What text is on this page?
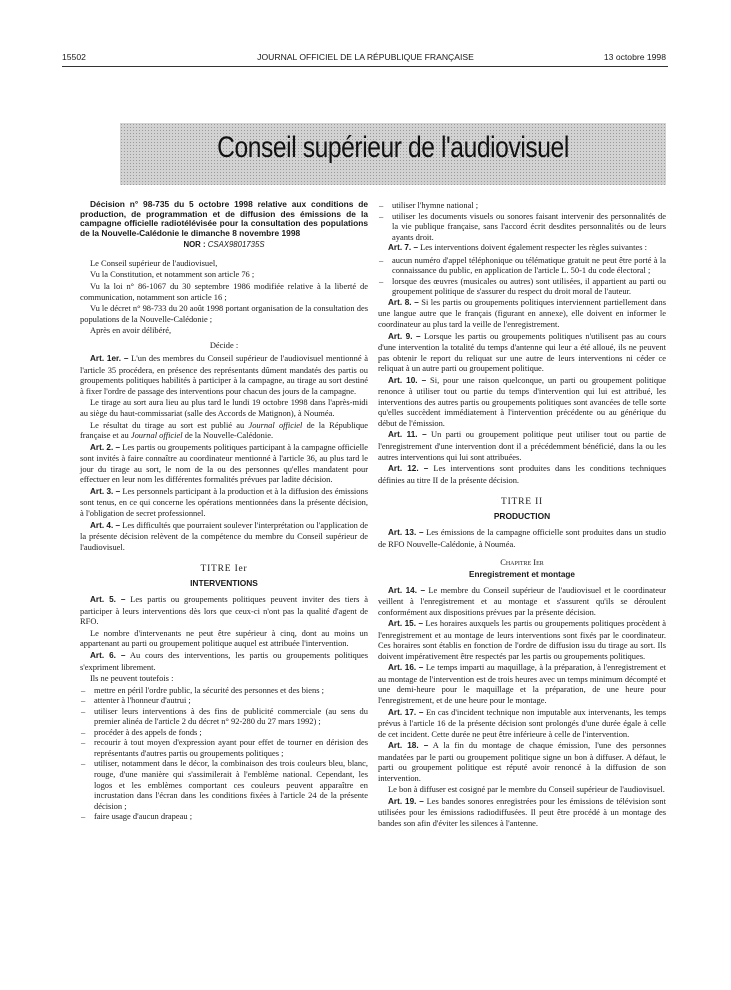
15502	JOURNAL OFFICIEL DE LA RÉPUBLIQUE FRANÇAISE	13 octobre 1998
Conseil supérieur de l'audiovisuel

Décision n° 98-735 du 5 octobre 1998 relative aux conditions de production, de programmation et de diffusion des émissions de la campagne officielle radiotélévisée pour la consultation des populations de la Nouvelle-Calédonie le dimanche 8 novembre 1998

NOR : CSAX9801735S

Le Conseil supérieur de l'audiovisuel,

Vu la Constitution, et notamment son article 76 ;

Vu la loi n° 86-1067 du 30 septembre 1986 modifiée relative à la liberté de communication, notamment son article 16 ;

Vu le décret n° 98-733 du 20 août 1998 portant organisation de la consultation des populations de la Nouvelle-Calédonie ;

Après en avoir délibéré,

Décide :

Art. 1er. – L'un des membres du Conseil supérieur de l'audiovisuel mentionné à l'article 35 procédera, en présence des représentants dûment mandatés des partis ou groupements politiques habilités à participer à la campagne, au tirage au sort destiné à fixer l'ordre de passage des interventions pour chacun des jours de la campagne.

Le tirage au sort aura lieu au plus tard le lundi 19 octobre 1998 dans l'après-midi au siège du haut-commissariat (salle des Accords de Matignon), à Nouméa.

Le résultat du tirage au sort est publié au Journal officiel de la République française et au Journal officiel de la Nouvelle-Calédonie.

Art. 2. – Les partis ou groupements politiques participant à la campagne officielle sont invités à faire connaître au coordinateur mentionné à l'article 36, au plus tard le jour du tirage au sort, le nom de la ou des personnes qu'elles mandatent pour effectuer en leur nom les différentes formalités prévues par ladite décision.

Art. 3. – Les personnels participant à la production et à la diffusion des émissions sont tenus, en ce qui concerne les opérations mentionnées dans la présente décision, à l'obligation de secret professionnel.

Art. 4. – Les difficultés que pourraient soulever l'interprétation ou l'application de la présente décision relèvent de la compétence du membre du Conseil supérieur de l'audiovisuel.

TITRE Ier
INTERVENTIONS

Art. 5. – Les partis ou groupements politiques peuvent inviter des tiers à participer à leurs interventions dès lors que ceux-ci n'ont pas la qualité d'agent de RFO.

Le nombre d'intervenants ne peut être supérieur à cinq, dont au moins un appartenant au parti ou groupement politique auquel est attribuée l'intervention.

Art. 6. – Au cours des interventions, les partis ou groupements politiques s'expriment librement.

Ils ne peuvent toutefois :

– mettre en péril l'ordre public, la sécurité des personnes et des biens ;
– attenter à l'honneur d'autrui ;
– utiliser leurs interventions à des fins de publicité commerciale (au sens du premier alinéa de l'article 2 du décret n° 92-280 du 27 mars 1992) ;
– procéder à des appels de fonds ;
– recourir à tout moyen d'expression ayant pour effet de tourner en dérision des représentants d'autres partis ou groupements politiques ;
– utiliser, notamment dans le décor, la combinaison des trois couleurs bleu, blanc, rouge, d'une manière qui s'assimilerait à l'emblème national. Cependant, les logos et les emblèmes comportant ces couleurs peuvent apparaître en incrustation dans l'écran dans les conditions fixées à l'article 24 de la présente décision ;
– faire usage d'aucun drapeau ;
– utiliser l'hymne national ;
– utiliser les documents visuels ou sonores faisant intervenir des personnalités de la vie publique française, sans l'accord écrit desdites personnalités ou de leurs ayants droit.

Art. 7. – Les interventions doivent également respecter les règles suivantes :

– aucun numéro d'appel téléphonique ou télématique gratuit ne peut être porté à la connaissance du public, en application de l'article L. 50-1 du code électoral ;
– lorsque des œuvres (musicales ou autres) sont utilisées, il appartient au parti ou groupement politique de s'assurer du respect du droit moral de l'auteur.

Art. 8. – Si les partis ou groupements politiques interviennent partiellement dans une langue autre que le français (figurant en annexe), elle doivent en informer le coordinateur au plus tard la veille de l'enregistrement.

Art. 9. – Lorsque les partis ou groupements politiques n'utilisent pas au cours d'une intervention la totalité du temps d'antenne qui leur a été alloué, ils ne peuvent pas obtenir le report du reliquat sur une autre de leurs interventions ni céder ce reliquat à un autre parti ou groupement politique.

Art. 10. – Si, pour une raison quelconque, un parti ou groupement politique renonce à utiliser tout ou partie du temps d'intervention qui lui est attribué, les interventions des autres partis ou groupements politiques sont avancées de telle sorte qu'elles succèdent immédiatement à l'intervention précédente ou au générique du début de l'émission.

Art. 11. – Un parti ou groupement politique peut utiliser tout ou partie de l'enregistrement d'une intervention dont il a précédemment bénéficié, dans la ou les autres interventions qui lui sont attribuées.

Art. 12. – Les interventions sont produites dans les conditions techniques définies au titre II de la présente décision.

TITRE II
PRODUCTION

Art. 13. – Les émissions de la campagne officielle sont produites dans un studio de RFO Nouvelle-Calédonie, à Nouméa.

Chapitre Ier
Enregistrement et montage

Art. 14. – Le membre du Conseil supérieur de l'audiovisuel et le coordinateur veillent à l'enregistrement et au montage et s'assurent qu'ils se déroulent conformément aux dispositions prévues par la présente décision.

Art. 15. – Les horaires auxquels les partis ou groupements politiques procèdent à l'enregistrement et au montage de leurs interventions sont fixés par le coordinateur. Ces horaires sont établis en fonction de l'ordre de diffusion issu du tirage au sort. Ils doivent impérativement être respectés par les partis ou groupements politiques.

Art. 16. – Le temps imparti au maquillage, à la préparation, à l'enregistrement et au montage de l'intervention est de trois heures avec un temps minimum décompté et une demi-heure pour le maquillage et la préparation, de une heure pour l'enregistrement, et de une heure pour le montage.

Art. 17. – En cas d'incident technique non imputable aux intervenants, les temps prévus à l'article 16 de la présente décision sont prolongés d'une durée égale à celle de cet incident. Cette durée ne peut être inférieure à celle de l'intervention.

Art. 18. – A la fin du montage de chaque émission, l'une des personnes mandatées par le parti ou groupement politique signe un bon à diffuser. A défaut, le parti ou groupement politique est réputé avoir renoncé à la diffusion de son intervention.

Le bon à diffuser est cosigné par le membre du Conseil supérieur de l'audiovisuel.

Art. 19. – Les bandes sonores enregistrées pour les émissions de télévision sont utilisées pour les émissions radiodiffusées. Il peut être procédé à un montage des bandes son afin d'éviter les silences à l'antenne.
